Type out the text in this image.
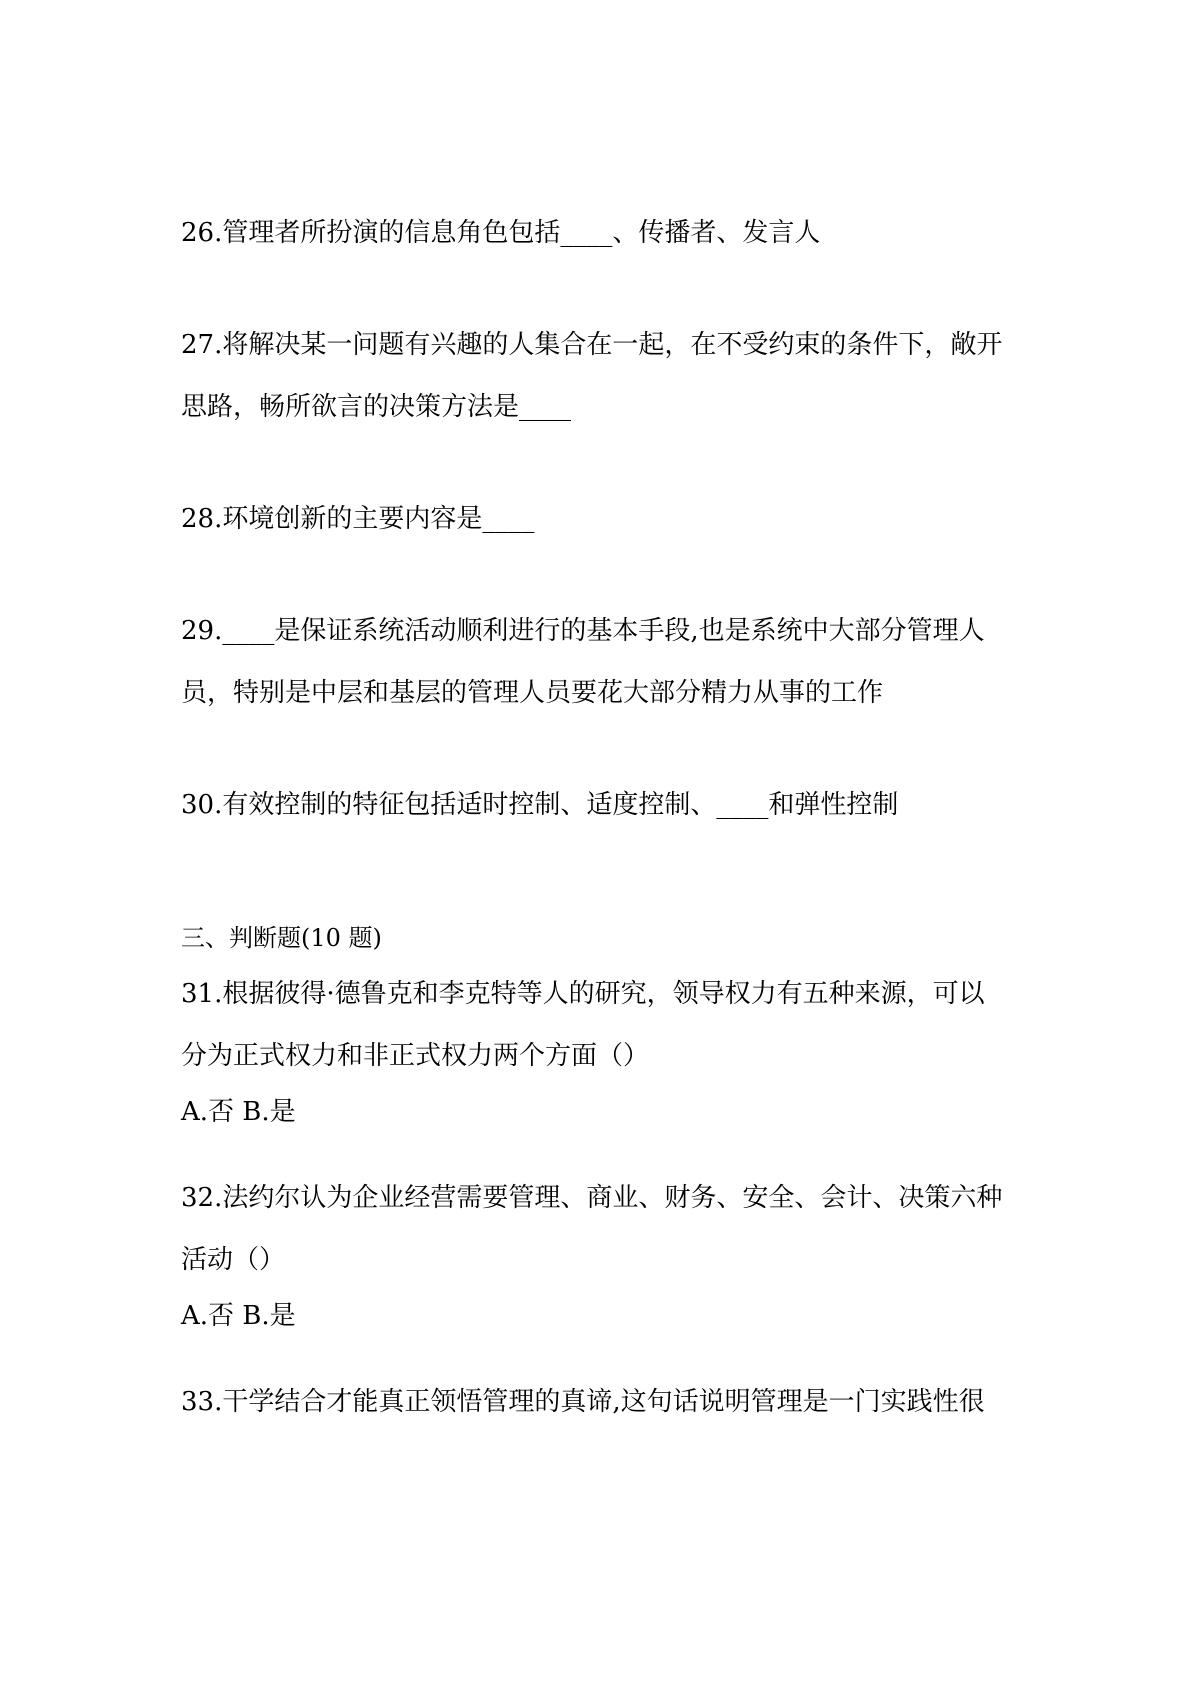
26.管理者所扮演的信息角色包括____、传播者、发言人
27.将解决某一问题有兴趣的人集合在一起，在不受约束的条件下，敞开
思路，畅所欲言的决策方法是____
28.环境创新的主要内容是____
29.____是保证系统活动顺利进行的基本手段,也是系统中大部分管理人
员，特别是中层和基层的管理人员要花大部分精力从事的工作
30.有效控制的特征包括适时控制、适度控制、____和弹性控制
三、判断题(10 题)
31.根据彼得·德鲁克和李克特等人的研究，领导权力有五种来源，可以
分为正式权力和非正式权力两个方面（）
A.否 B.是
32.法约尔认为企业经营需要管理、商业、财务、安全、会计、决策六种
活动（）
A.否 B.是
33.干学结合才能真正领悟管理的真谛,这句话说明管理是一门实践性很
